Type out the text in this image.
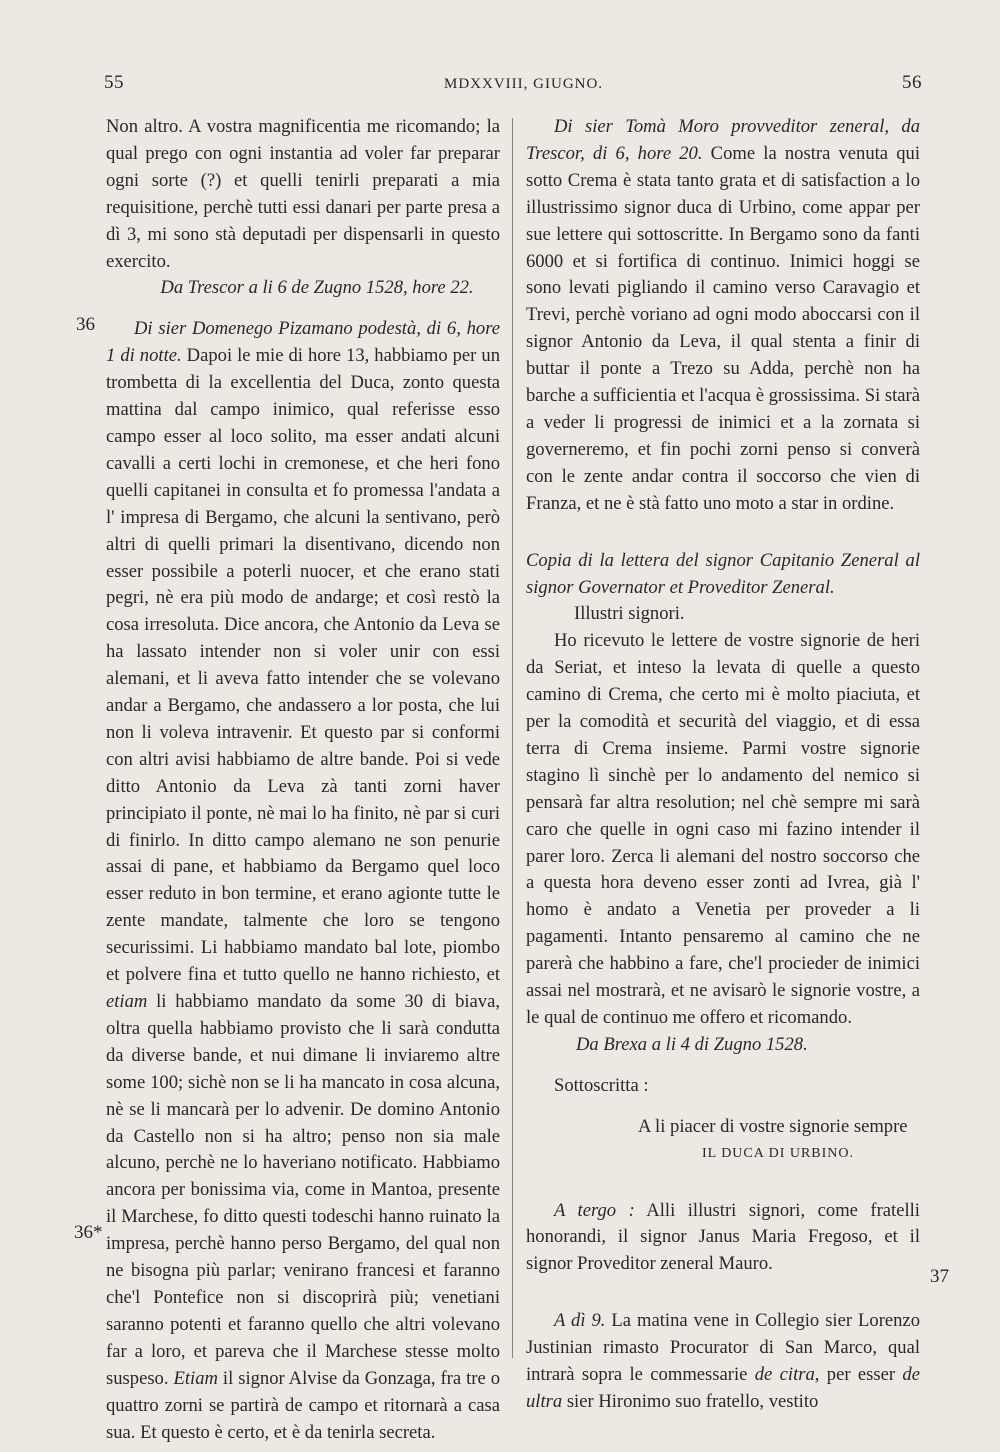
55	MDXXVIII, GIUGNO.	56
36
36*
37

Non altro. A vostra magnificentia me ricomando; la qual prego con ogni instantia ad voler far preparar ogni sorte (?) et quelli tenirli preparati a mia requisitione, perchè tutti essi danari per parte presa a dì 3, mi sono stà deputadi per dispensarli in questo exercito.

Da Trescor a li 6 de Zugno 1528, hore 22.

Di sier Domenego Pizamano podestà, di 6, hore 1 di notte. Dapoi le mie di hore 13, habbiamo per un trombetta di la excellentia del Duca, zonto questa mattina dal campo inimico, qual referisse esso campo esser al loco solito, ma esser andati alcuni cavalli a certi lochi in cremonese, et che heri fono quelli capitanei in consulta et fo promessa l'andata a l' impresa di Bergamo, che alcuni la sentivano, però altri di quelli primari la disentivano, dicendo non esser possibile a poterli nuocer, et che erano stati pegri, nè era più modo de andarge; et così restò la cosa irresoluta. Dice ancora, che Antonio da Leva se ha lassato intender non si voler unir con essi alemani, et li aveva fatto intender che se volevano andar a Bergamo, che andassero a lor posta, che lui non li voleva intravenir. Et questo par si conformi con altri avisi habbiamo de altre bande. Poi si vede ditto Antonio da Leva zà tanti zorni haver principiato il ponte, nè mai lo ha finito, nè par si curi di finirlo. In ditto campo alemano ne son penurie assai di pane, et habbiamo da Bergamo quel loco esser reduto in bon termine, et erano agionte tutte le zente mandate, talmente che loro se tengono securissimi. Li habbiamo mandato bal lote, piombo et polvere fina et tutto quello ne hanno richiesto, et etiam li habbiamo mandato da some 30 di biava, oltra quella habbiamo provisto che li sarà condutta da diverse bande, et nui dimane li inviaremo altre some 100; sichè non se li ha mancato in cosa alcuna, nè se li mancarà per lo advenir. De domino Antonio da Castello non si ha altro; penso non sia male alcuno, perchè ne lo haveriano notificato. Habbiamo ancora per bonissima via, come in Mantoa, presente il Marchese, fo ditto questi todeschi hanno ruinato la impresa, perchè hanno perso Bergamo, del qual non ne bisogna più parlar; venirano francesi et faranno che'l Pontefice non si discoprirà più; venetiani saranno potenti et faranno quello che altri volevano far a loro, et pareva che il Marchese stesse molto suspeso. Etiam il signor Alvise da Gonzaga, fra tre o quattro zorni se partirà de campo et ritornarà a casa sua. Et questo è certo, et è da tenirla secreta.

Di sier Tomà Moro provveditor zeneral, da Trescor, di 6, hore 20. Come la nostra venuta qui sotto Crema è stata tanto grata et di satisfaction a lo illustrissimo signor duca di Urbino, come appar per sue lettere qui sottoscritte. In Bergamo sono da fanti 6000 et si fortifica di continuo. Inimici hoggi se sono levati pigliando il camino verso Caravagio et Trevi, perchè voriano ad ogni modo aboccarsi con il signor Antonio da Leva, il qual stenta a finir di buttar il ponte a Trezo su Adda, perchè non ha barche a sufficientia et l'acqua è grossissima. Si starà a veder li progressi de inimici et a la zornata si governeremo, et fin pochi zorni penso si converà con le zente andar contra il soccorso che vien di Franza, et ne è stà fatto uno moto a star in ordine.

Copia di la lettera del signor Capitanio Zeneral al signor Governator et Proveditor Zeneral.

Illustri signori.

Ho ricevuto le lettere de vostre signorie de heri da Seriat, et inteso la levata di quelle a questo camino di Crema, che certo mi è molto piaciuta, et per la comodità et securità del viaggio, et di essa terra di Crema insieme. Parmi vostre signorie stagino lì sinchè per lo andamento del nemico si pensarà far altra resolution; nel chè sempre mi sarà caro che quelle in ogni caso mi fazino intender il parer loro. Zerca li alemani del nostro soccorso che a questa hora deveno esser zonti ad Ivrea, già l' homo è andato a Venetia per proveder a li pagamenti. Intanto pensaremo al camino che ne parerà che habbino a fare, che'l procieder de inimici assai nel mostrarà, et ne avisarò le signorie vostre, a le qual de continuo me offero et ricomando.

Da Brexa a li 4 di Zugno 1528.

Sottoscritta :

A li piacer di vostre signorie sempre

IL DUCA DI URBINO.

A tergo : Alli illustri signori, come fratelli honorandi, il signor Janus Maria Fregoso, et il signor Proveditor zeneral Mauro.

A dì 9. La matina vene in Collegio sier Lorenzo Justinian rimasto Procurator di San Marco, qual intrarà sopra le commessarie de citra, per esser de ultra sier Hironimo suo fratello, vestito
